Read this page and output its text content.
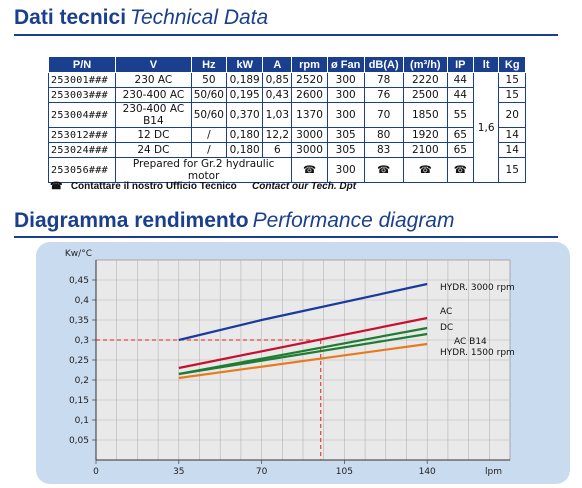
Dati tecnici Technical Data
P/N	V	Hz	kW	A	rpm	ø Fan	dB(A)	(m³/h)	IP	lt	Kg
253001###	230 AC	50	0,189	0,85	2520	300	78	2220	44	1,6	15
253003###	230-400 AC	50/60	0,195	0,43	2600	300	76	2500	44		15
253004###	230-400 AC B14	50/60	0,370	1,03	1370	300	70	1850	55		20
253012###	12 DC	/	0,180	12,2	3000	305	80	1920	65		14
253024###	24 DC	/	0,180	6	3000	305	83	2100	65		14
253056###	Prepared for Gr.2 hydraulic motor				☎	300	☎	☎	☎		15
☎ Contattare il nostro Ufficio Tecnico Contact our Tech. Dpt
Diagramma rendimento Performance diagram
0,05
0,1
0,15
0,2
0,25
0,3
0,35
0,4
0,45
0	35	70	105	140
Kw/°C
lpm
HYDR. 3000 rpm
AC
DC
AC B14
HYDR. 1500 rpm
